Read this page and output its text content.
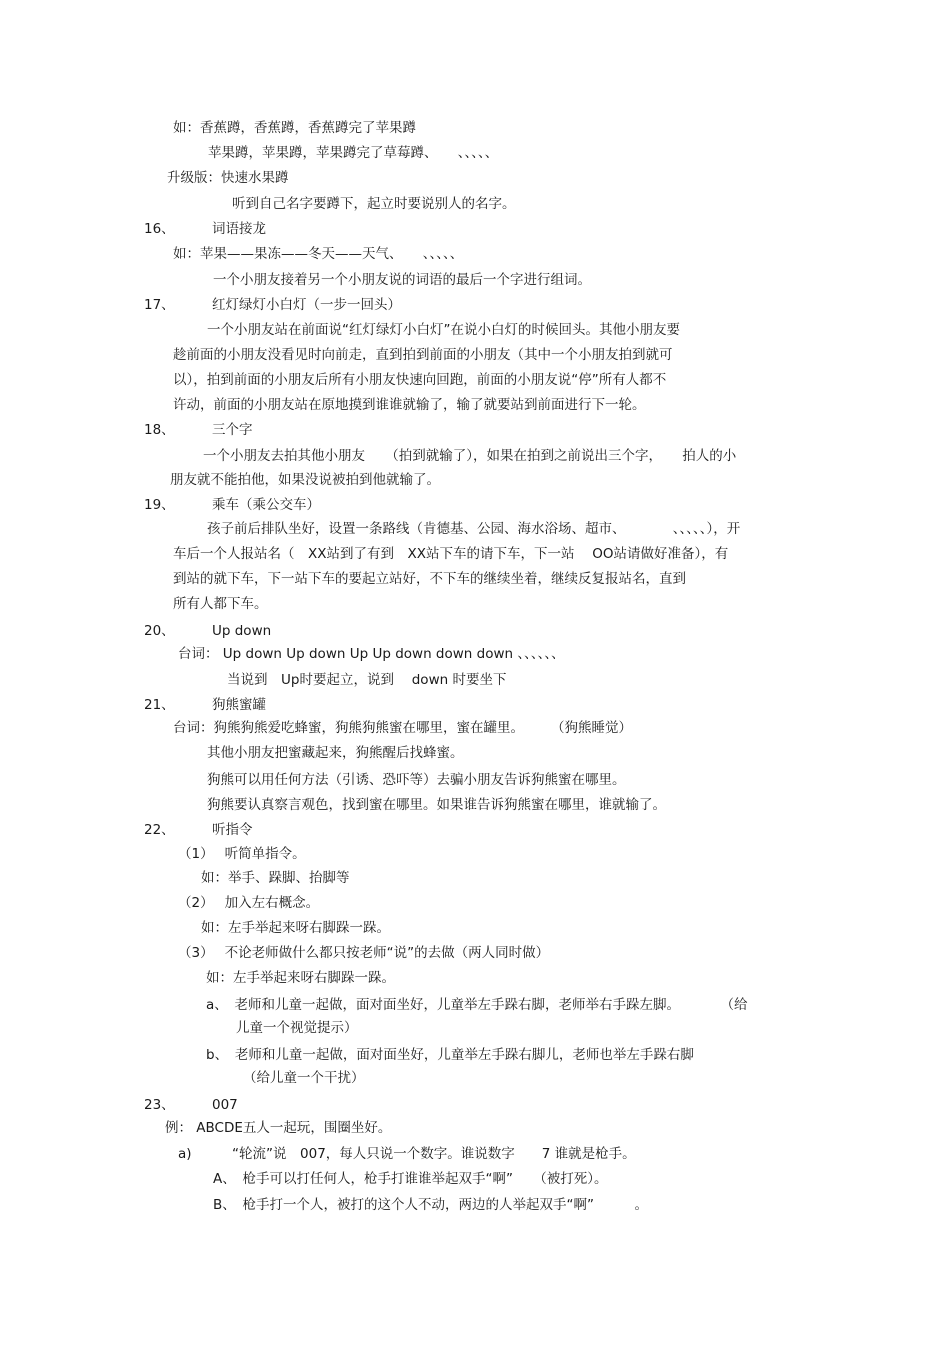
如：香蕉蹲，香蕉蹲，香蕉蹲完了苹果蹲
苹果蹲，苹果蹲，苹果蹲完了草莓蹲、　　、、、、、
升级版：快速水果蹲
听到自己名字要蹲下，起立时要说别人的名字。
16、	词语接龙
如：苹果——果冻——冬天——天气、　　、、、、、
一个小朋友接着另一个小朋友说的词语的最后一个字进行组词。
17、	红灯绿灯小白灯（一步一回头）
一个小朋友站在前面说“红灯绿灯小白灯”在说小白灯的时候回头。其他小朋友要
趁前面的小朋友没看见时向前走，直到拍到前面的小朋友（其中一个小朋友拍到就可
以），拍到前面的小朋友后所有小朋友快速向回跑，前面的小朋友说“停”所有人都不
许动，前面的小朋友站在原地摸到谁谁就输了，输了就要站到前面进行下一轮。
18、	三个字
一个小朋友去拍其他小朋友　　（拍到就输了），如果在拍到之前说出三个字，　　拍人的小
朋友就不能拍他，如果没说被拍到他就输了。
19、	乘车（乘公交车）
孩子前后排队坐好，设置一条路线（肯德基、公园、海水浴场、超市、　　　　、、、、、），开
车后一个人报站名（　XX站到了有到　XX站下车的请下车，下一站　 OO站请做好准备），有
到站的就下车，下一站下车的要起立站好，不下车的继续坐着，继续反复报站名，直到
所有人都下车。
20、	Up down
台词： Up down Up down Up Up down down down 、、、、、、
当说到　Up时要起立，说到　 down 时要坐下
21、	狗熊蜜罐
台词：狗熊狗熊爱吃蜂蜜，狗熊狗熊蜜在哪里，蜜在罐里。　　　（狗熊睡觉）
其他小朋友把蜜藏起来，狗熊醒后找蜂蜜。
狗熊可以用任何方法（引诱、恐吓等）去骗小朋友告诉狗熊蜜在哪里。
狗熊要认真察言观色，找到蜜在哪里。如果谁告诉狗熊蜜在哪里，谁就输了。
22、	听指令
（1）　 听简单指令。
如：举手、跺脚、抬脚等
（2）　 加入左右概念。
如：左手举起来呀右脚跺一跺。
（3）　 不论老师做什么都只按老师“说”的去做（两人同时做）
如：左手举起来呀右脚跺一跺。
a、　老师和儿童一起做，面对面坐好，儿童举左手跺右脚，老师举右手跺左脚。　　　　（给
儿童一个视觉提示）
b、　老师和儿童一起做，面对面坐好，儿童举左手跺右脚儿，老师也举左手跺右脚
（给儿童一个干扰）
23、	007
例： ABCDE五人一起玩，围圈坐好。
a)　　　“轮流”说　007，每人只说一个数字。谁说数字　　7 谁就是枪手。
A、　枪手可以打任何人，枪手打谁谁举起双手“啊”　　（被打死）。
B、　枪手打一个人，被打的这个人不动，两边的人举起双手“啊”　　　。
